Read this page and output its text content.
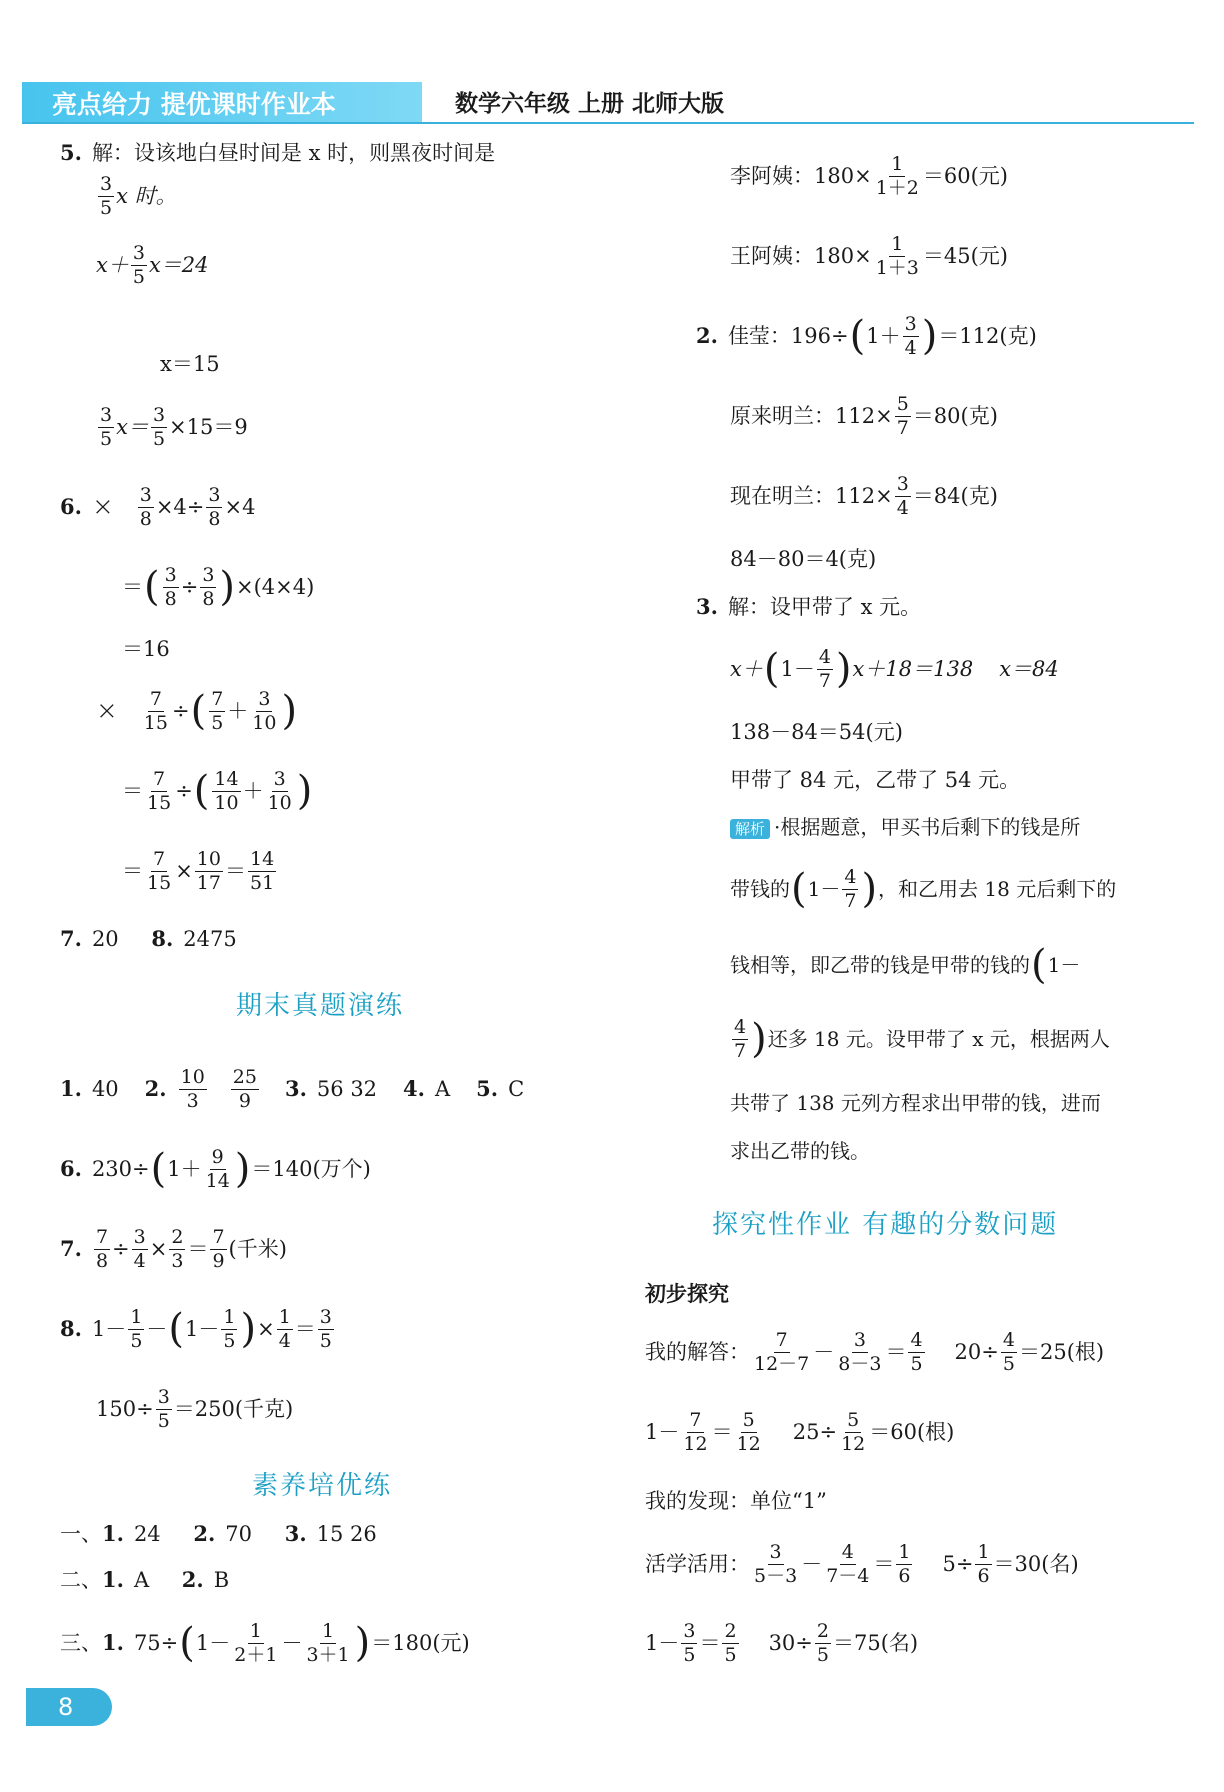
亮点给力 提优课时作业本	数学六年级 上册 北师大版
5. 解：设该地白昼时间是 x 时，则黑夜时间是
$\frac{3}{5}$ x 时。
$x+ \frac{3}{5} x=24$
x＝15
$\frac{3}{5} x= \frac{3}{5} \times 15=9$
6. × $\frac{3}{8} \times 4\div \frac{3}{8} \times 4$
＝ ( $\frac{3}{8} \div \frac{3}{8}$ ) ×(4×4)
＝16
× $\frac{7}{15}$ ÷ ( $\frac{7}{5} + \frac{3}{10}$ )
＝ $\frac{7}{15}$ ÷ ( $\frac{14}{10} + \frac{3}{10}$ )
＝ $\frac{7}{15} \times \frac{10}{17} = \frac{14}{51}$
7. 20 8. 2475
期末真题演练
1. 40 2. $\frac{10}{3} \frac{25}{9} 3$. 56 32 4. A 5. C
6. 230÷ ( $1+ \frac{9}{14}$ ) ＝140(万个)
7. $\frac{7}{8} \div \frac{3}{4} \times \frac{2}{3} = \frac{7}{9}$ (千米)
8. $1- \frac{1}{5}$ － ( $1- \frac{1}{5}$ ) × $\frac{1}{4} = \frac{3}{5}$
$150\div \frac{3}{5} =250$(千克)
素养培优练
一、1. 24 2. 70 3. 15 26
二、1. A 2. B
三、 1. 75÷ ( $1- \frac{1}{2+1} - \frac{1}{3+1}$ ) ＝180(元)
李阿姨：$180\times \frac{1}{1+2} =60$(元)
王阿姨：$180\times \frac{1}{1+3} =45$(元)
2. 佳莹：196÷ ( $1+ \frac{3}{4}$ ) ＝112(克)
原来明兰：$112\times \frac{5}{7} =80$(克)
现在明兰：$112\times \frac{3}{4} =84$(克)
84－80＝4(克)
3. 解：设甲带了 x 元。
x＋ ( $1- \frac{4}{7}$ ) x＋18＝138 x＝84
138－84＝54(元)
甲带了 84 元，乙带了 54 元。
解析 ·根据题意，甲买书后剩下的钱是所
带钱的 ( $1- \frac{4}{7}$ ) ，和乙用去 18 元后剩下的
钱相等，即乙带的钱是甲带的钱的 ( 1－
$\frac{4}{7}$ ) 还多 18 元。设甲带了 x 元，根据两人
共带了 138 元列方程求出甲带的钱，进而
求出乙带的钱。
探究性作业 有趣的分数问题
初步探究
我的解答： $\frac{7}{12-7} - \frac{3}{8-3} = \frac{4}{5} 20\div \frac{4}{5} =25$(根)
$1- \frac{7}{12} = \frac{5}{12} 25\div \frac{5}{12} =60$(根)
我的发现：单位“1”
活学活用： $\frac{3}{5-3} - \frac{4}{7-4} = \frac{1}{6} 5\div \frac{1}{6} =30$(名)
$1- \frac{3}{5} = \frac{2}{5} 30\div \frac{2}{5} =75$(名)
8
